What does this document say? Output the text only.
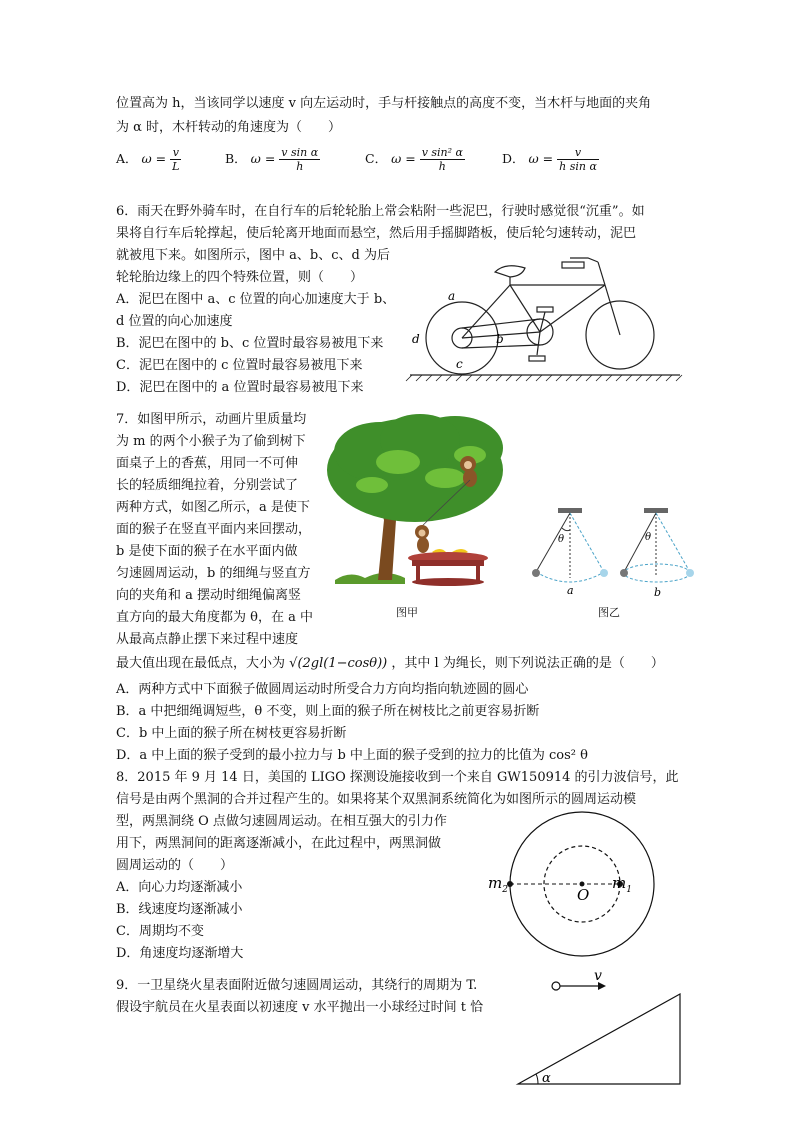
位置高为 h，当该同学以速度 v 向左运动时，手与杆接触点的高度不变，当木杆与地面的夹角
为 α 时，木杆转动的角速度为（　　）
A． $\omega = \frac{v}{L}$	B． $\omega = \frac{\text{v sin α}}{h}$	C． $\omega = \frac{\text{v sin² α}}{h}$	D． $\omega = \frac{v}{\text{h sin α}}$
6．雨天在野外骑车时，在自行车的后轮轮胎上常会粘附一些泥巴，行驶时感觉很“沉重”。如
果将自行车后轮撑起，使后轮离开地面而悬空，然后用手摇脚踏板，使后轮匀速转动，泥巴
就被甩下来。如图所示，图中 a、b、c、d 为后
轮轮胎边缘上的四个特殊位置，则（　　）
A．泥巴在图中 a、c 位置的向心加速度大于 b、
d 位置的向心加速度
B．泥巴在图中的 b、c 位置时最容易被甩下来
C．泥巴在图中的 c 位置时最容易被甩下来
D．泥巴在图中的 a 位置时最容易被甩下来
a
b
c
d
7．如图甲所示，动画片里质量均
为 m 的两个小猴子为了偷到树下
面桌子上的香蕉，用同一不可伸
长的轻质细绳拉着，分别尝试了
两种方式，如图乙所示，a 是使下
面的猴子在竖直平面内来回摆动，
b 是使下面的猴子在水平面内做
匀速圆周运动，b 的细绳与竖直方
向的夹角和 a 摆动时细绳偏离竖
直方向的最大角度都为 θ，在 a 中
从最高点静止摆下来过程中速度
最大值出现在最低点，大小为 √(2gl(1−cosθ)) ，其中 l 为绳长，则下列说法正确的是（　　）
A．两种方式中下面猴子做圆周运动时所受合力方向均指向轨迹圆的圆心
B．a 中把细绳调短些，θ 不变，则上面的猴子所在树枝比之前更容易折断
C．b 中上面的猴子所在树枝更容易折断
D．a 中上面的猴子受到的最小拉力与 b 中上面的猴子受到的拉力的比值为 cos² θ
图甲
θ
a
θ
b
图乙
8．2015 年 9 月 14 日，美国的 LIGO 探测设施接收到一个来自 GW150914 的引力波信号，此
信号是由两个黑洞的合并过程产生的。如果将某个双黑洞系统简化为如图所示的圆周运动模
型，两黑洞绕 O 点做匀速圆周运动。在相互强大的引力作
用下，两黑洞间的距离逐渐减小，在此过程中，两黑洞做
圆周运动的（　　）
A．向心力均逐渐减小
B．线速度均逐渐减小
C．周期均不变
D．角速度均逐渐增大
$m_2$	O
$m_1$
9．一卫星绕火星表面附近做匀速圆周运动，其绕行的周期为 T.
假设宇航员在火星表面以初速度 v 水平抛出一小球经过时间 t 恰
v
α
